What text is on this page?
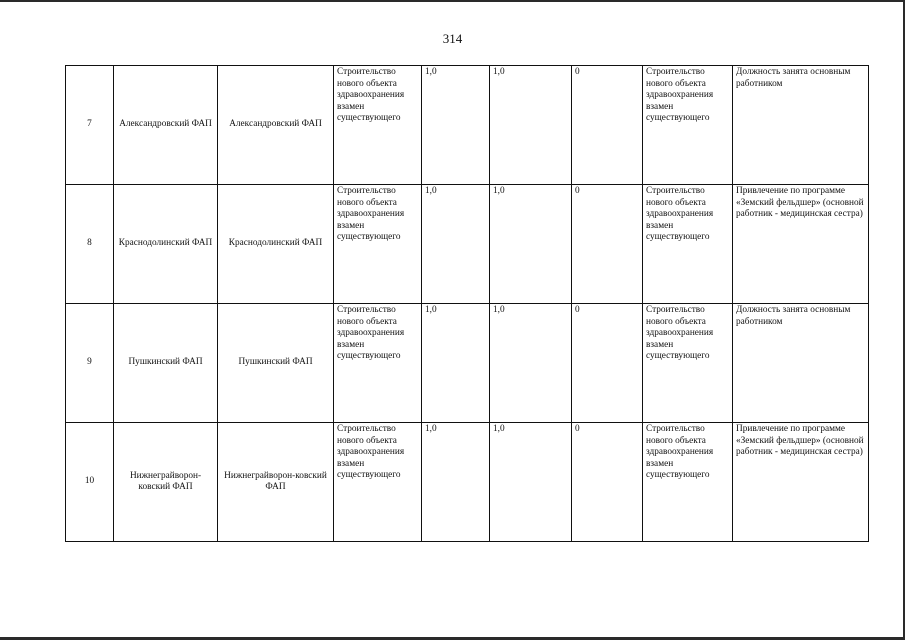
314
7	Александровский ФАП	Александровский ФАП	Строительство нового объекта здравоохранения взамен существующего	1,0	1,0	0	Строительство нового объекта здравоохранения взамен существующего	Должность занята основным работником
8	Краснодолинский ФАП	Краснодолинский ФАП	Строительство нового объекта здравоохранения взамен существующего	1,0	1,0	0	Строительство нового объекта здравоохранения взамен существующего	Привлечение по программе «Земский фельдшер» (основной работник - медицинская сестра)
9	Пушкинский ФАП	Пушкинский ФАП	Строительство нового объекта здравоохранения взамен существующего	1,0	1,0	0	Строительство нового объекта здравоохранения взамен существующего	Должность занята основным работником
10	Нижнеграйворон-ковский ФАП	Нижнеграйворон-ковский ФАП	Строительство нового объекта здравоохранения взамен существующего	1,0	1,0	0	Строительство нового объекта здравоохранения взамен существующего	Привлечение по программе «Земский фельдшер» (основной работник - медицинская сестра)
